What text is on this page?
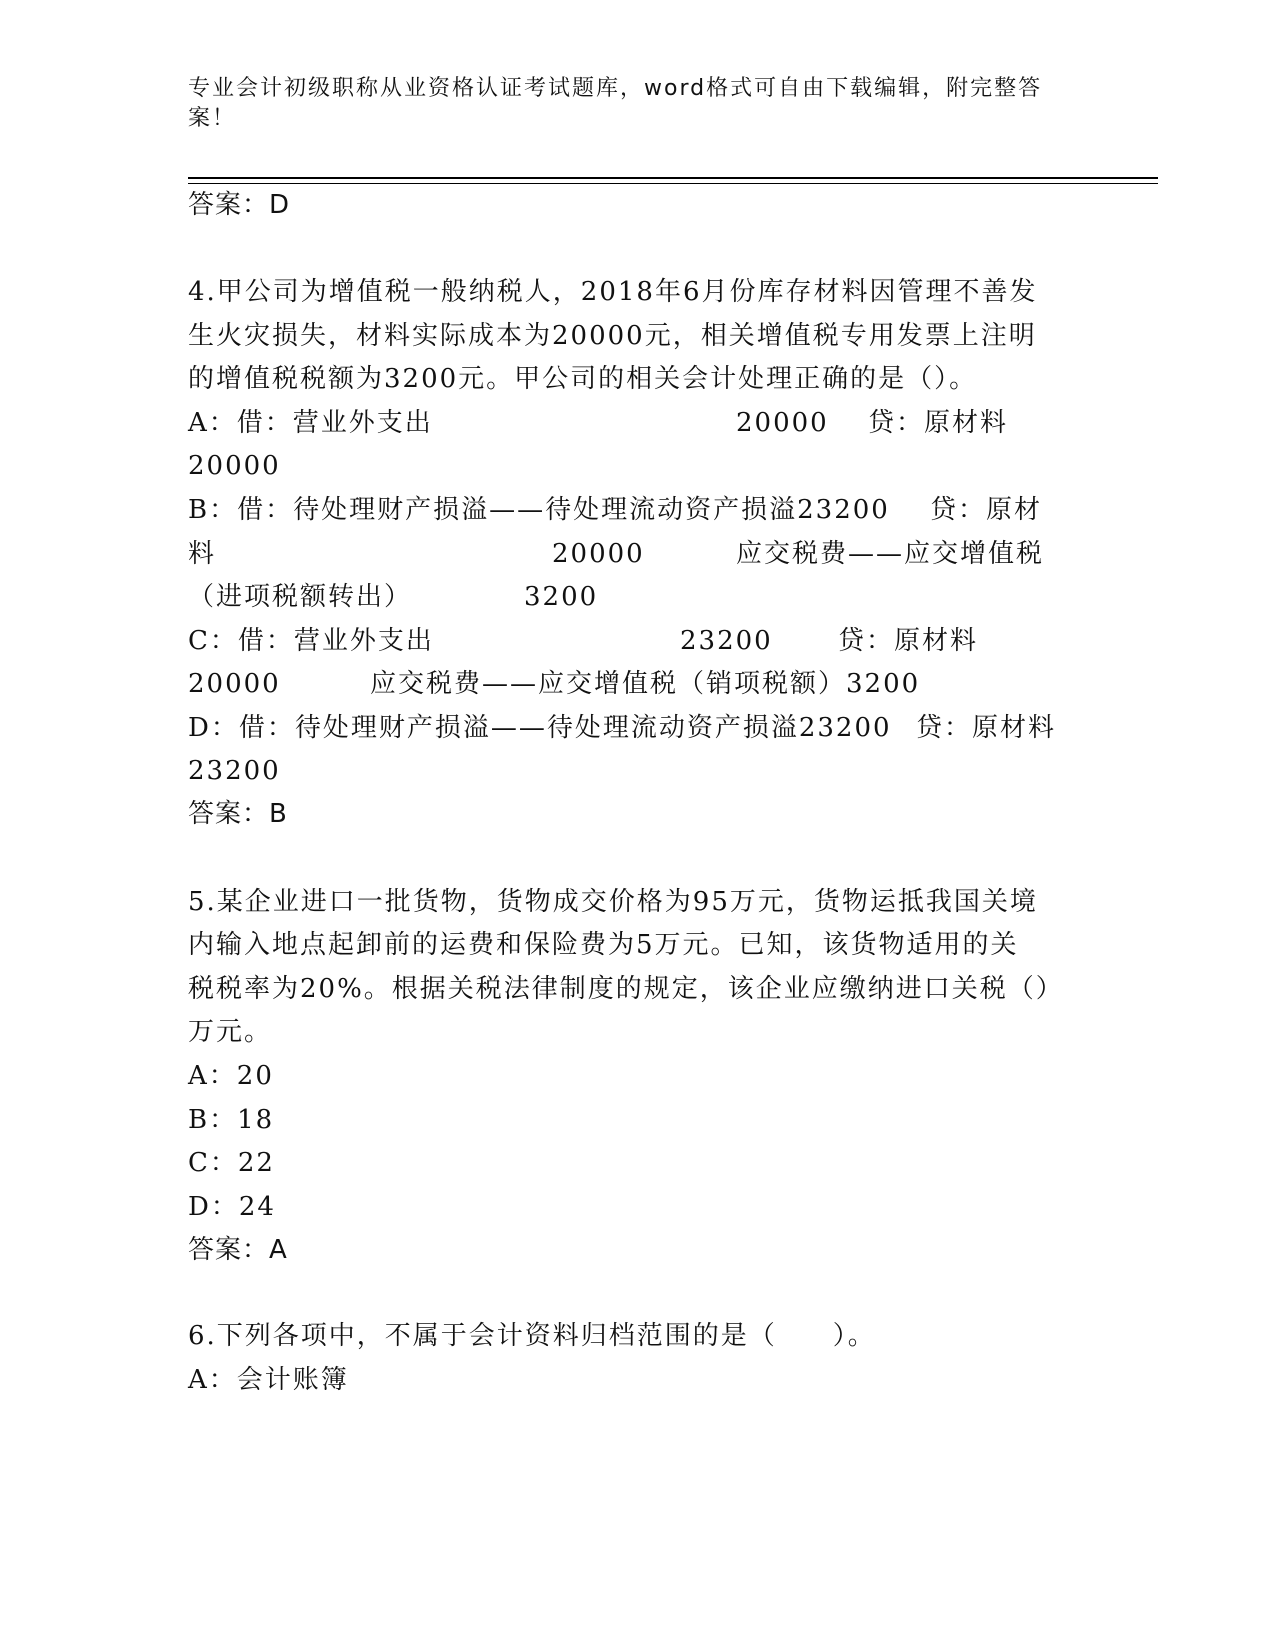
专业会计初级职称从业资格认证考试题库，word格式可自由下载编辑，附完整答
案！
答案：D
4.甲公司为增值税一般纳税人，2018年6月份库存材料因管理不善发
生火灾损失，材料实际成本为20000元，相关增值税专用发票上注明
的增值税税额为3200元。甲公司的相关会计处理正确的是（）。
A：借：营业外支出	20000 贷：原材料
20000
B：借：待处理财产损溢——待处理流动资产损溢23200 贷：原材
料	20000	应交税费——应交增值税
（进项税额转出）	3200
C：借：营业外支出	23200	贷：原材料
20000	应交税费——应交增值税（销项税额）3200
D：借：待处理财产损溢——待处理流动资产损溢23200 贷：原材料
23200
答案：B
5.某企业进口一批货物，货物成交价格为95万元，货物运抵我国关境
内输入地点起卸前的运费和保险费为5万元。已知，该货物适用的关
税税率为20%。根据关税法律制度的规定，该企业应缴纳进口关税（）
万元。
A：20
B：18
C：22
D：24
答案：A
6.下列各项中，不属于会计资料归档范围的是（　　）。
A：会计账簿
